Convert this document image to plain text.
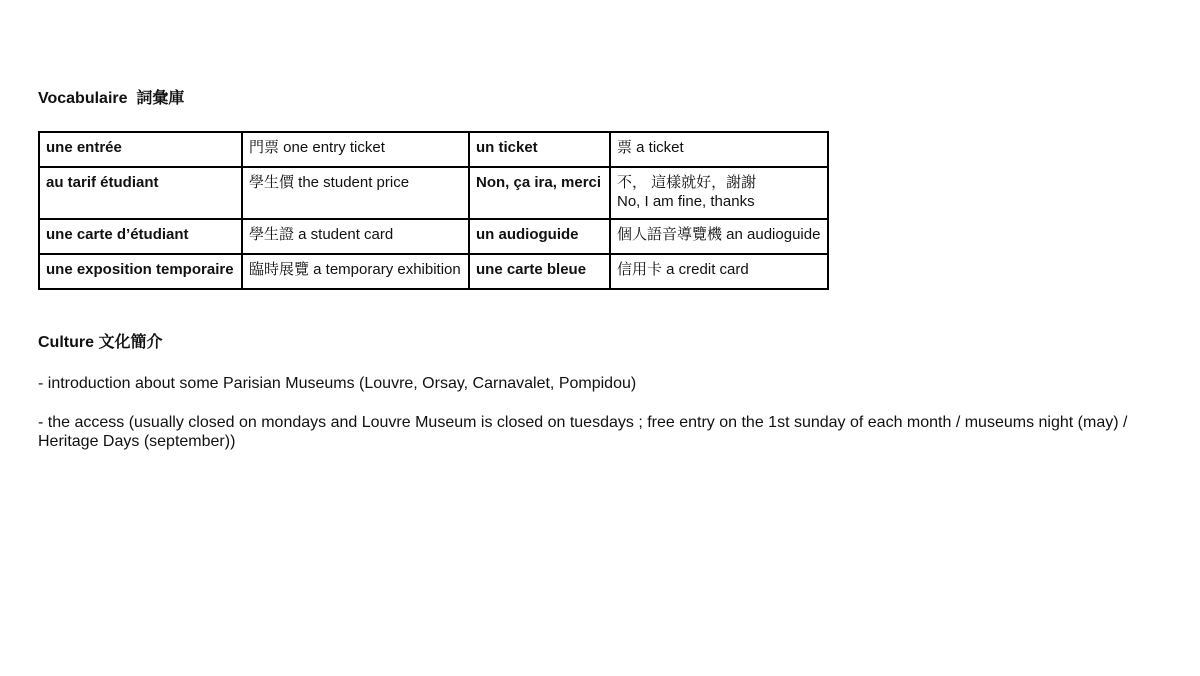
Vocabulaire  詞彙庫
une entrée	門票 one entry ticket	un ticket	票 a ticket
au tarif étudiant	學生價 the student price	Non, ça ira, merci	不， 這樣就好，謝謝
No, I am fine, thanks
une carte d’étudiant	學生證 a student card	un audioguide	個人語音導覽機 an audioguide
une exposition temporaire	臨時展覽 a temporary exhibition	une carte bleue	信用卡 a credit card
Culture 文化簡介

- introduction about some Parisian Museums (Louvre, Orsay, Carnavalet, Pompidou)

- the access (usually closed on mondays and Louvre Museum is closed on tuesdays ; free entry on the 1st sunday of each month / museums night (may) / Heritage Days (september))
